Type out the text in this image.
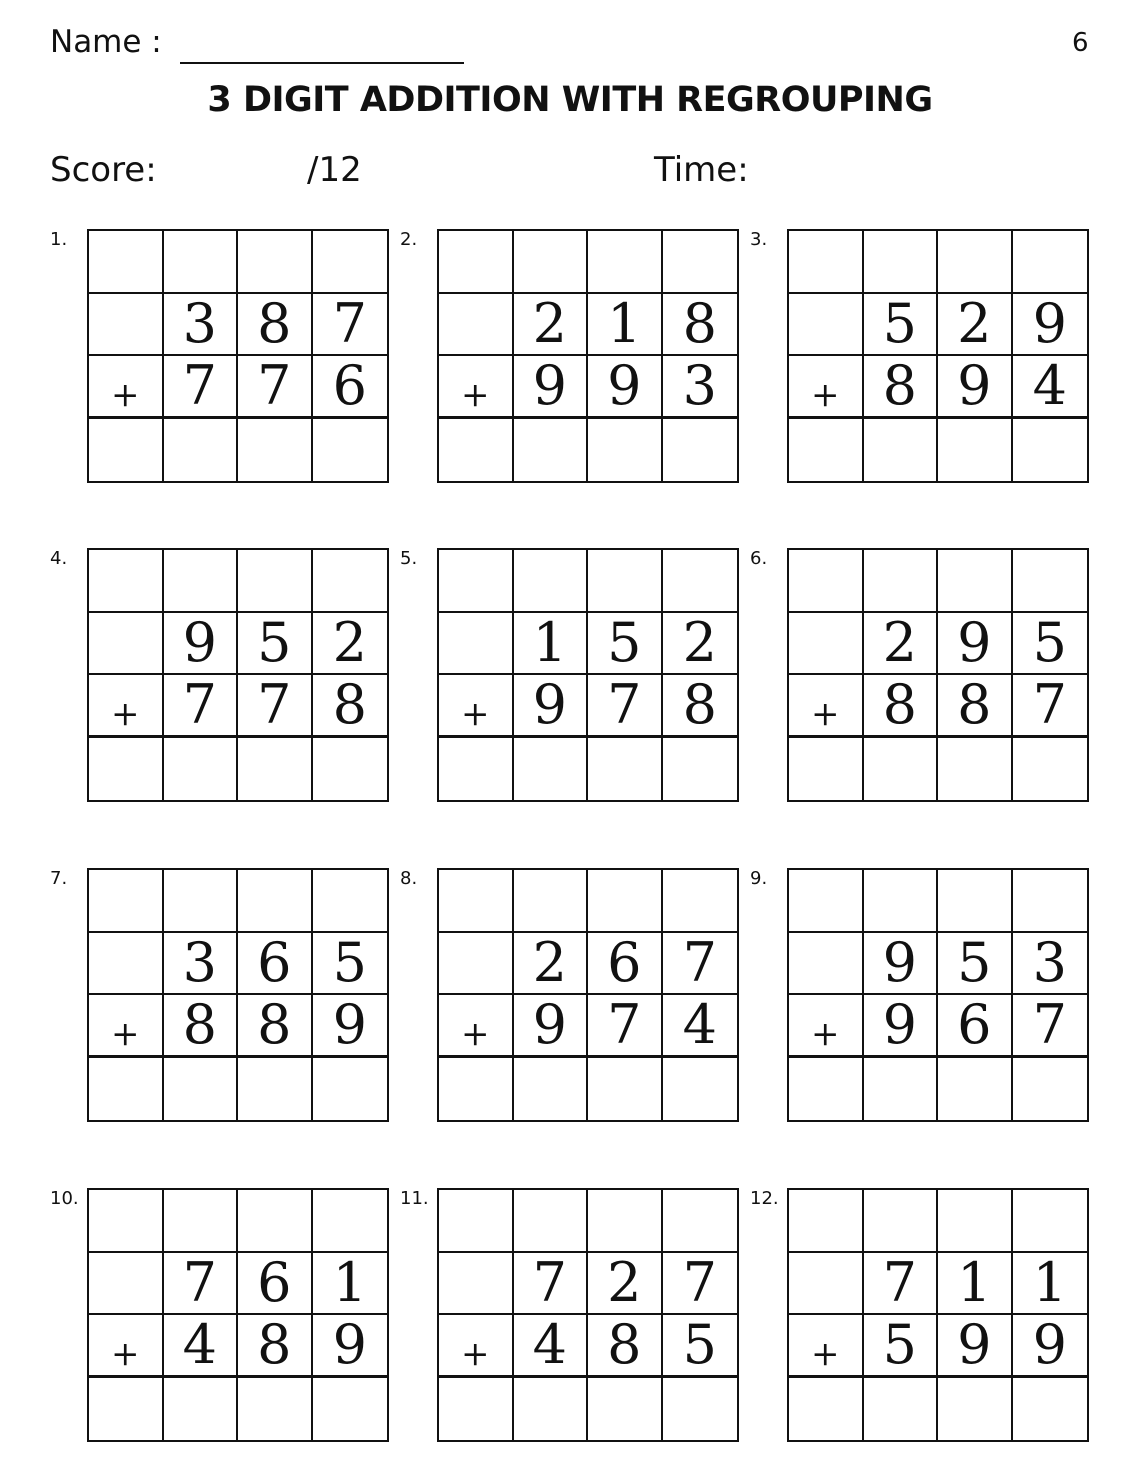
Name :	6
3 DIGIT ADDITION WITH REGROUPING
Score:	/12	Time:
1.
3 8 7
+ 7 7 6
2.
2 1 8
+ 9 9 3
3.
5 2 9
+ 8 9 4
4.
9 5 2
+ 7 7 8
5.
1 5 2
+ 9 7 8
6.
2 9 5
+ 8 8 7
7.
3 6 5
+ 8 8 9
8.
2 6 7
+ 9 7 4
9.
9 5 3
+ 9 6 7
10.
7 6 1
+ 4 8 9
11.
7 2 7
+ 4 8 5
12.
7 1 1
+ 5 9 9
